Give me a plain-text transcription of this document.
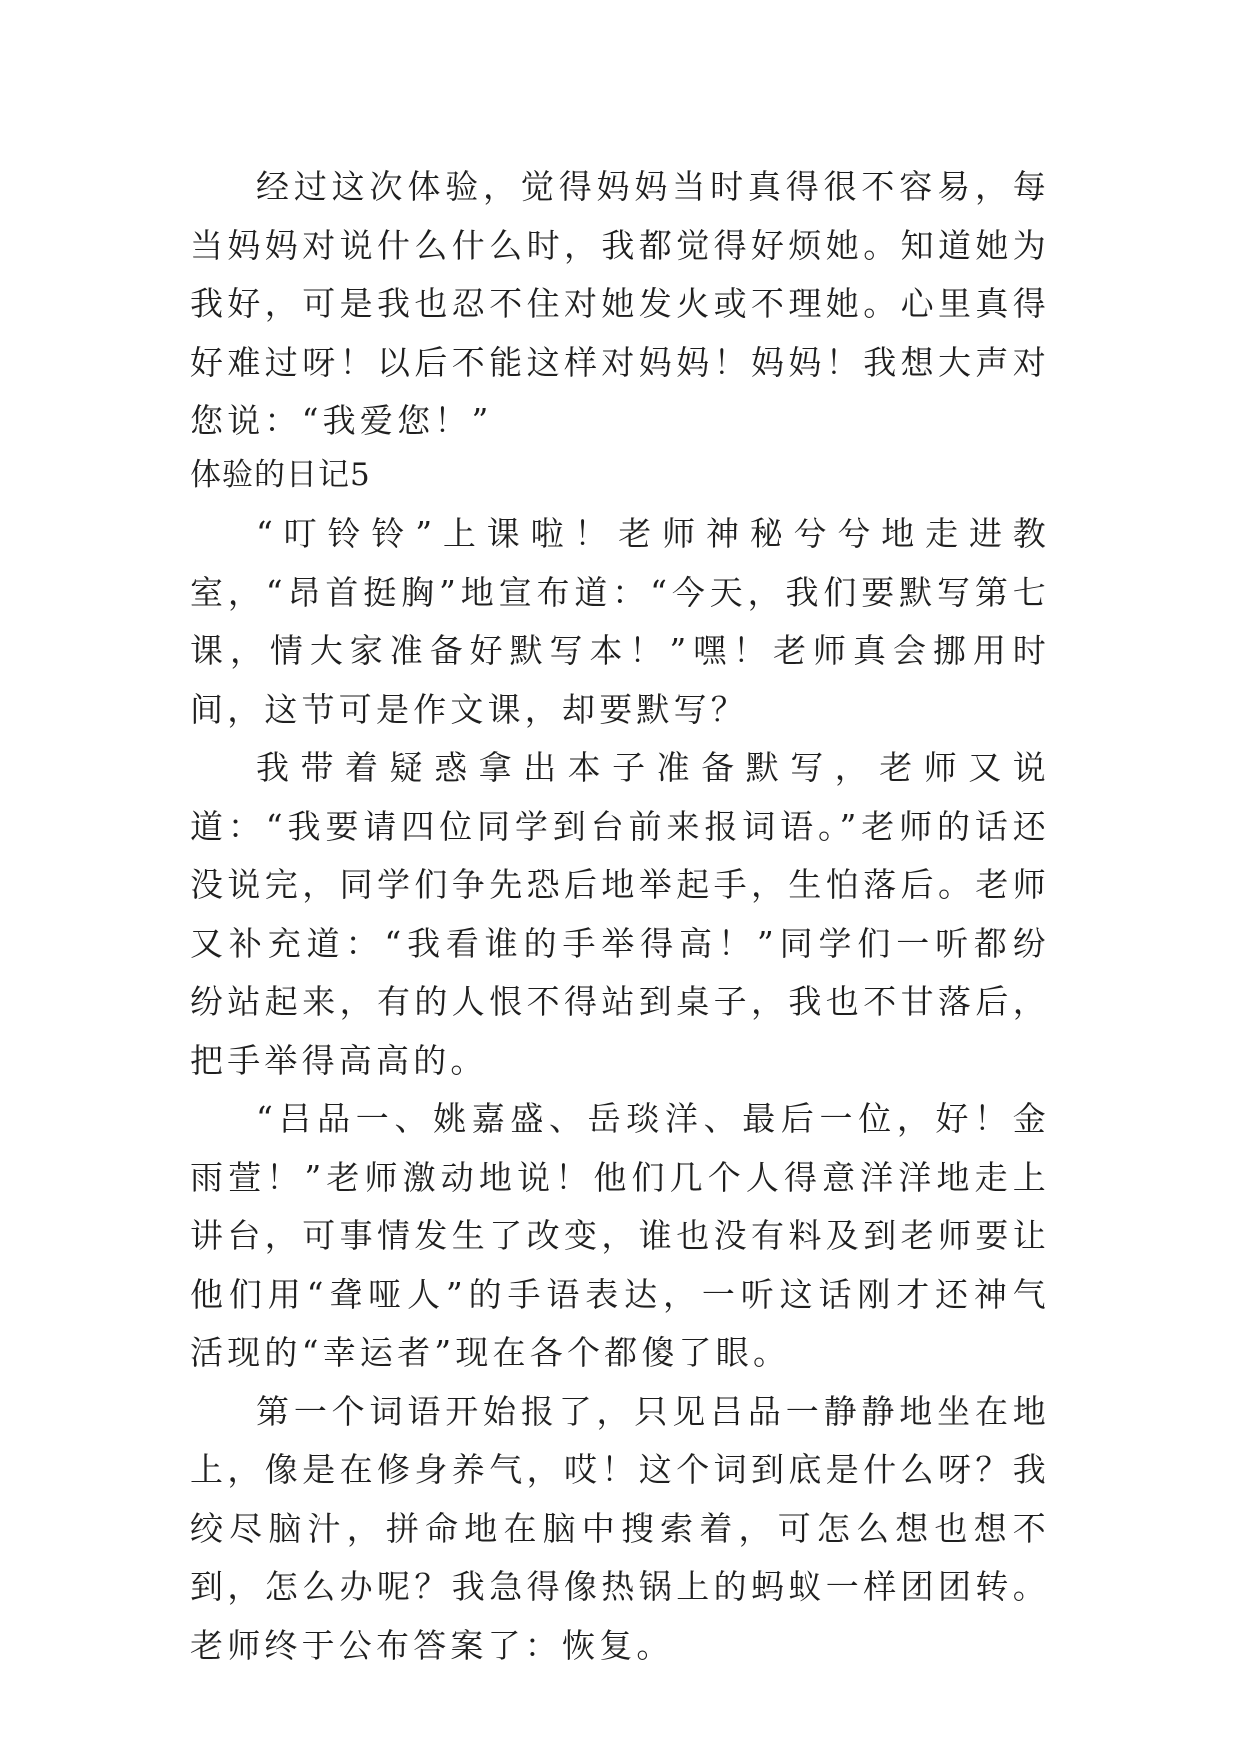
经过这次体验，觉得妈妈当时真得很不容易，每当妈妈对说什么什么时，我都觉得好烦她。知道她为我好，可是我也忍不住对她发火或不理她。心里真得好难过呀！以后不能这样对妈妈！妈妈！我想大声对您说：“我爱您！”

体验的日记5

“叮铃铃”上课啦！老师神秘兮兮地走进教室，“昂首挺胸”地宣布道：“今天，我们要默写第七课，情大家准备好默写本！”嘿！老师真会挪用时间，这节可是作文课，却要默写？

我带着疑惑拿出本子准备默写，老师又说道：“我要请四位同学到台前来报词语。”老师的话还没说完，同学们争先恐后地举起手，生怕落后。老师又补充道：“我看谁的手举得高！”同学们一听都纷纷站起来，有的人恨不得站到桌子，我也不甘落后，把手举得高高的。

“吕品一、姚嘉盛、岳琰洋、最后一位，好！金雨萱！”老师激动地说！他们几个人得意洋洋地走上讲台，可事情发生了改变，谁也没有料及到老师要让他们用“聋哑人”的手语表达，一听这话刚才还神气活现的“幸运者”现在各个都傻了眼。

第一个词语开始报了，只见吕品一静静地坐在地上，像是在修身养气，哎！这个词到底是什么呀？我绞尽脑汁，拼命地在脑中搜索着，可怎么想也想不到，怎么办呢？我急得像热锅上的蚂蚁一样团团转。老师终于公布答案了：恢复。
